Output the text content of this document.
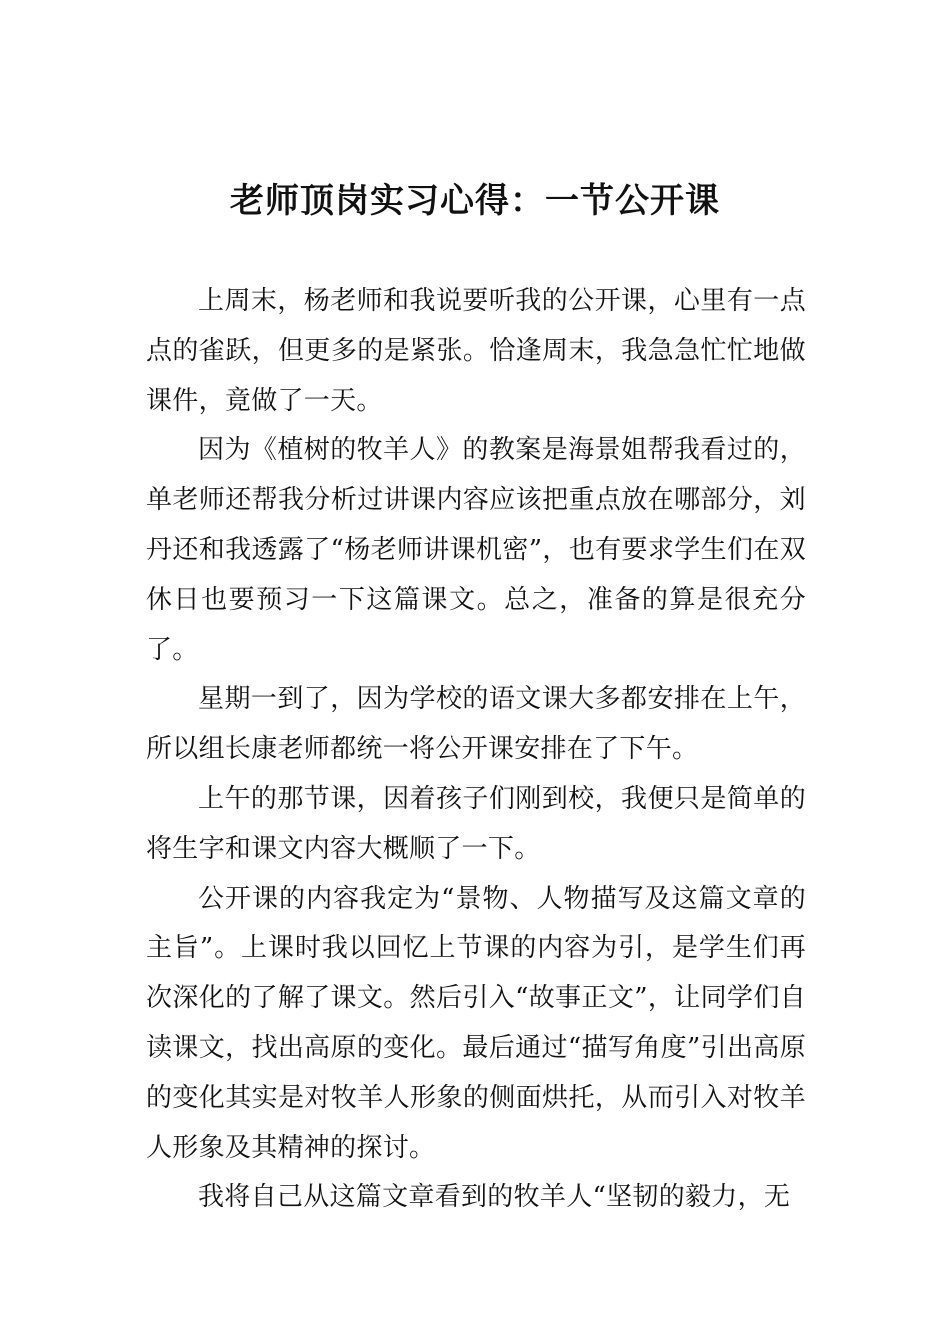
老师顶岗实习心得：一节公开课

上周末，杨老师和我说要听我的公开课，心里有一点点的雀跃，但更多的是紧张。恰逢周末，我急急忙忙地做课件，竟做了一天。

因为《植树的牧羊人》的教案是海景姐帮我看过的，单老师还帮我分析过讲课内容应该把重点放在哪部分，刘丹还和我透露了“杨老师讲课机密”，也有要求学生们在双休日也要预习一下这篇课文。总之，准备的算是很充分了。

星期一到了，因为学校的语文课大多都安排在上午，所以组长康老师都统一将公开课安排在了下午。

上午的那节课，因着孩子们刚到校，我便只是简单的将生字和课文内容大概顺了一下。

公开课的内容我定为“景物、人物描写及这篇文章的主旨”。上课时我以回忆上节课的内容为引，是学生们再次深化的了解了课文。然后引入“故事正文”，让同学们自读课文，找出高原的变化。最后通过“描写角度”引出高原的变化其实是对牧羊人形象的侧面烘托，从而引入对牧羊人形象及其精神的探讨。

我将自己从这篇文章看到的牧羊人“坚韧的毅力，无
